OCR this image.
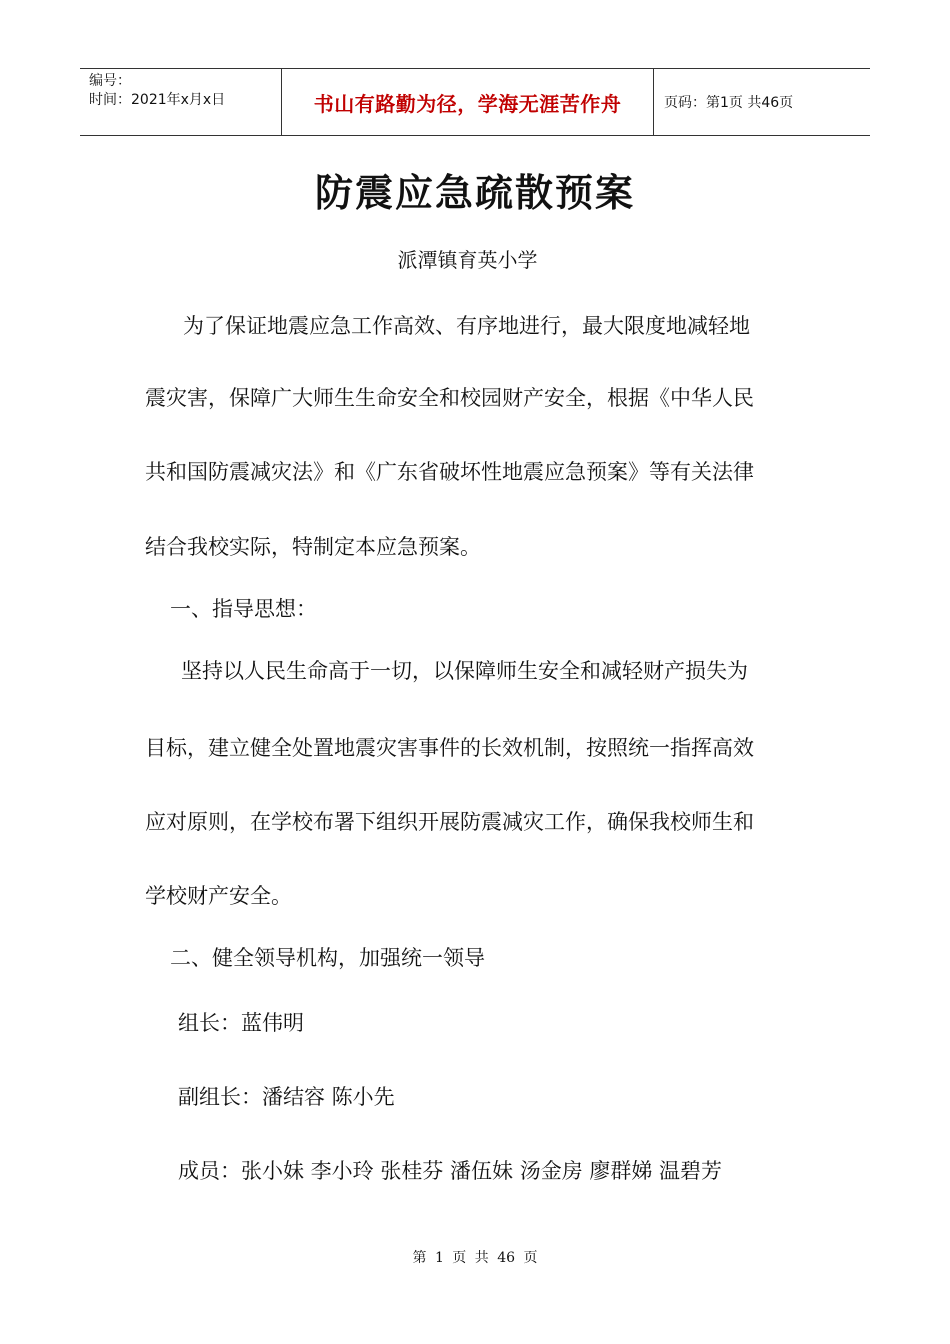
编号：
时间：2021年x月x日	书山有路勤为径，学海无涯苦作舟	页码：第1页 共46页
防震应急疏散预案
派潭镇育英小学
为了保证地震应急工作高效、有序地进行，最大限度地减轻地
震灾害，保障广大师生生命安全和校园财产安全，根据《中华人民
共和国防震减灾法》和《广东省破坏性地震应急预案》等有关法律
结合我校实际，特制定本应急预案。
一、指导思想：
坚持以人民生命高于一切，以保障师生安全和减轻财产损失为
目标，建立健全处置地震灾害事件的长效机制，按照统一指挥高效
应对原则，在学校布署下组织开展防震减灾工作，确保我校师生和
学校财产安全。
二、健全领导机构，加强统一领导
组长：蓝伟明
副组长：潘结容 陈小先
成员：张小妹 李小玲 张桂芬 潘伍妹 汤金房 廖群娣 温碧芳
第 1 页 共 46 页
